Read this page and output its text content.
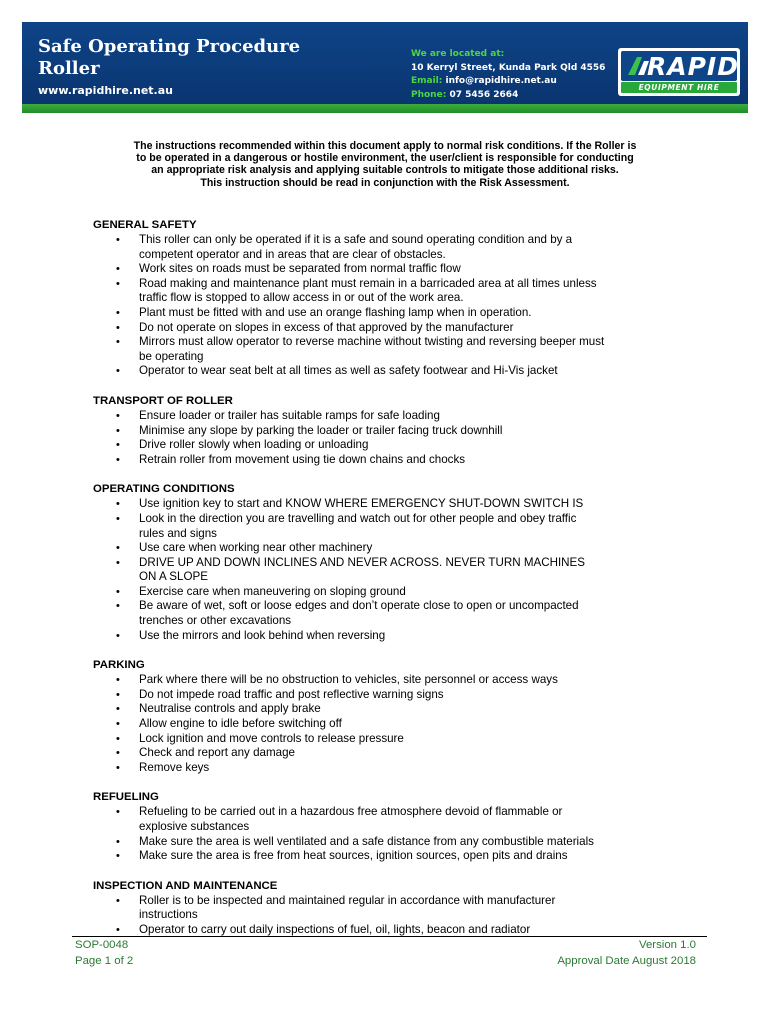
Safe Operating Procedure
Roller
www.rapidhire.net.au
We are located at:
10 Kerryl Street, Kunda Park Qld 4556
Email: info@rapidhire.net.au
Phone: 07 5456 2664
RAPID
EQUIPMENT HIRE
The instructions recommended within this document apply to normal risk conditions. If the Roller is
to be operated in a dangerous or hostile environment, the user/client is responsible for conducting
an appropriate risk analysis and applying suitable controls to mitigate those additional risks.
This instruction should be read in conjunction with the Risk Assessment.
GENERAL SAFETY
• This roller can only be operated if it is a safe and sound operating condition and by a
competent operator and in areas that are clear of obstacles.
• Work sites on roads must be separated from normal traffic flow
• Road making and maintenance plant must remain in a barricaded area at all times unless
traffic flow is stopped to allow access in or out of the work area.
• Plant must be fitted with and use an orange flashing lamp when in operation.
• Do not operate on slopes in excess of that approved by the manufacturer
• Mirrors must allow operator to reverse machine without twisting and reversing beeper must
be operating
• Operator to wear seat belt at all times as well as safety footwear and Hi-Vis jacket
TRANSPORT OF ROLLER
• Ensure loader or trailer has suitable ramps for safe loading
• Minimise any slope by parking the loader or trailer facing truck downhill
• Drive roller slowly when loading or unloading
• Retrain roller from movement using tie down chains and chocks
OPERATING CONDITIONS
• Use ignition key to start and KNOW WHERE EMERGENCY SHUT-DOWN SWITCH IS
• Look in the direction you are travelling and watch out for other people and obey traffic
rules and signs
• Use care when working near other machinery
• DRIVE UP AND DOWN INCLINES AND NEVER ACROSS. NEVER TURN MACHINES
ON A SLOPE
• Exercise care when maneuvering on sloping ground
• Be aware of wet, soft or loose edges and don’t operate close to open or uncompacted
trenches or other excavations
• Use the mirrors and look behind when reversing
PARKING
• Park where there will be no obstruction to vehicles, site personnel or access ways
• Do not impede road traffic and post reflective warning signs
• Neutralise controls and apply brake
• Allow engine to idle before switching off
• Lock ignition and move controls to release pressure
• Check and report any damage
• Remove keys
REFUELING
• Refueling to be carried out in a hazardous free atmosphere devoid of flammable or
explosive substances
• Make sure the area is well ventilated and a safe distance from any combustible materials
• Make sure the area is free from heat sources, ignition sources, open pits and drains
INSPECTION AND MAINTENANCE
• Roller is to be inspected and maintained regular in accordance with manufacturer
instructions
• Operator to carry out daily inspections of fuel, oil, lights, beacon and radiator
SOP-0048
Page 1 of 2
Version 1.0
Approval Date August 2018
